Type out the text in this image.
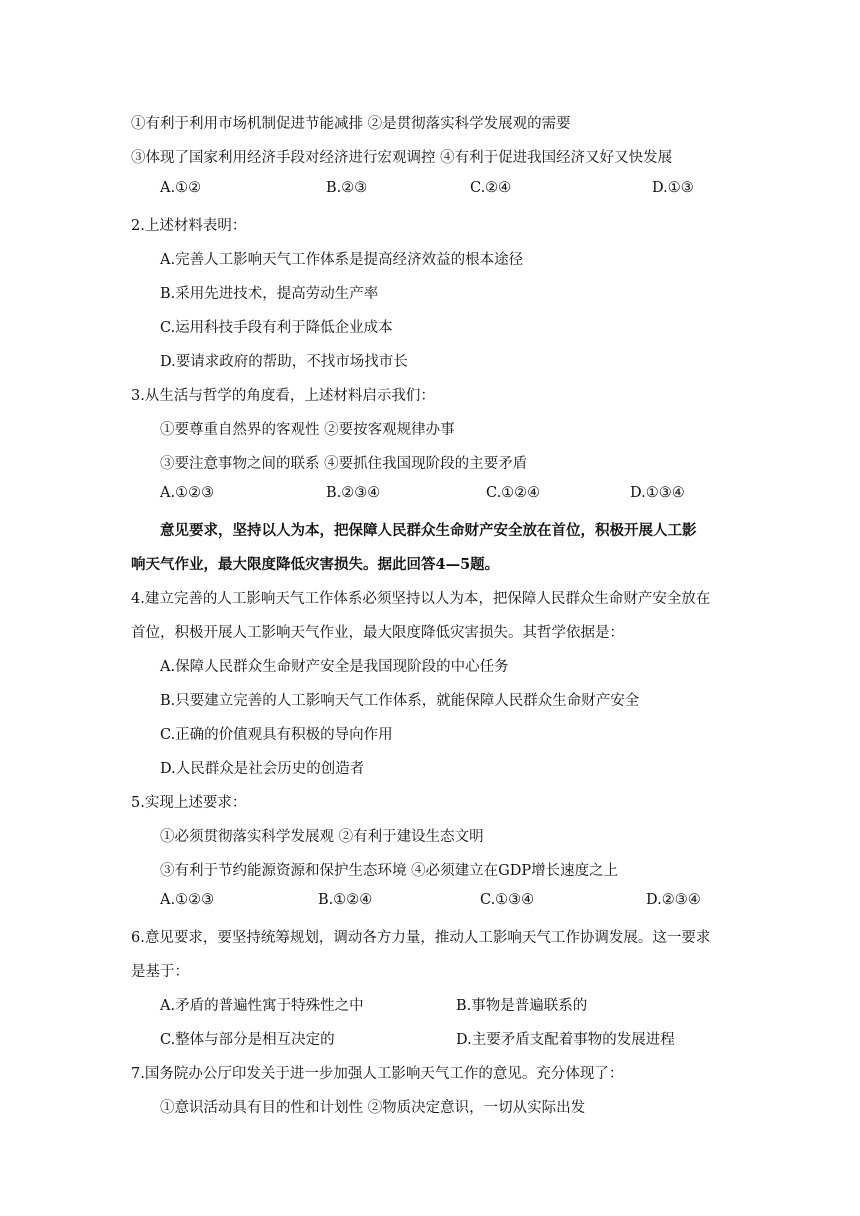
①有利于利用市场机制促进节能减排 ②是贯彻落实科学发展观的需要
③体现了国家利用经济手段对经济进行宏观调控 ④有利于促进我国经济又好又快发展
A.①②	B.②③	C.②④	D.①③
2.上述材料表明：
A.完善人工影响天气工作体系是提高经济效益的根本途径
B.采用先进技术，提高劳动生产率
C.运用科技手段有利于降低企业成本
D.要请求政府的帮助，不找市场找市长
3.从生活与哲学的角度看，上述材料启示我们：
①要尊重自然界的客观性 ②要按客观规律办事
③要注意事物之间的联系 ④要抓住我国现阶段的主要矛盾
A.①②③	B.②③④	C.①②④	D.①③④
意见要求，坚持以人为本，把保障人民群众生命财产安全放在首位，积极开展人工影
响天气作业，最大限度降低灾害损失。据此回答4—5题。
4.建立完善的人工影响天气工作体系必须坚持以人为本，把保障人民群众生命财产安全放在
首位，积极开展人工影响天气作业，最大限度降低灾害损失。其哲学依据是：
A.保障人民群众生命财产安全是我国现阶段的中心任务
B.只要建立完善的人工影响天气工作体系，就能保障人民群众生命财产安全
C.正确的价值观具有积极的导向作用
D.人民群众是社会历史的创造者
5.实现上述要求：
①必须贯彻落实科学发展观 ②有利于建设生态文明
③有利于节约能源资源和保护生态环境 ④必须建立在GDP增长速度之上
A.①②③	B.①②④	C.①③④	D.②③④
6.意见要求，要坚持统筹规划，调动各方力量，推动人工影响天气工作协调发展。这一要求
是基于：
A.矛盾的普遍性寓于特殊性之中	B.事物是普遍联系的
C.整体与部分是相互决定的	D.主要矛盾支配着事物的发展进程
7.国务院办公厅印发关于进一步加强人工影响天气工作的意见。充分体现了：
①意识活动具有目的性和计划性 ②物质决定意识，一切从实际出发
